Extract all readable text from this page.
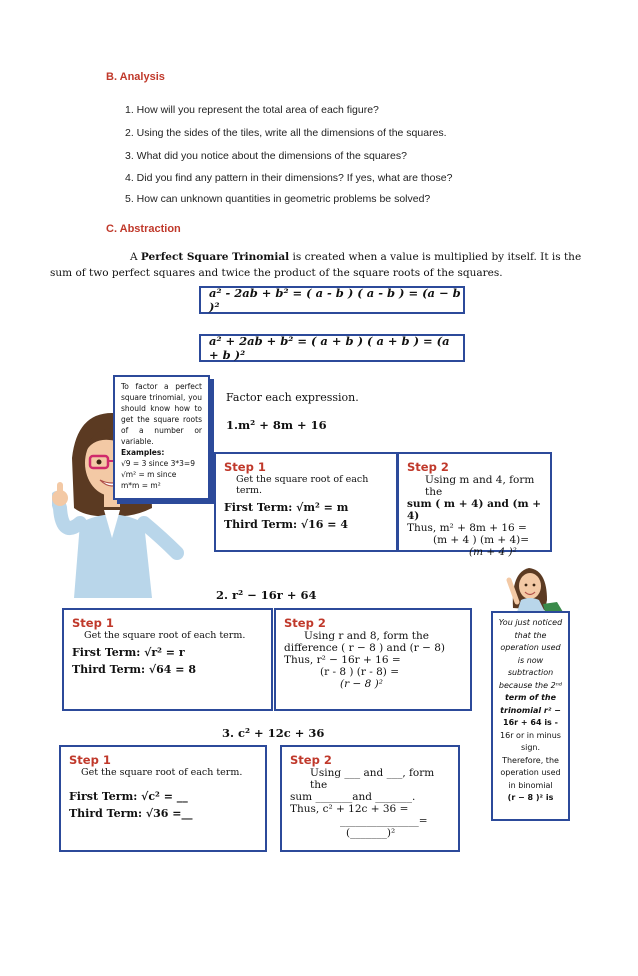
B. Analysis
1. How will you represent the total area of each figure?
2. Using the sides of the tiles, write all the dimensions of the squares.
3. What did you notice about the dimensions of the squares?
4. Did you find any pattern in their dimensions? If yes, what are those?
5. How can unknown quantities in geometric problems be solved?
C. Abstraction
A Perfect Square Trinomial is created when a value is multiplied by itself. It is the
sum of two perfect squares and twice the product of the square roots of the squares.
a² - 2ab + b² = ( a - b ) ( a - b ) = (a − b )²
a² + 2ab + b² = ( a + b ) ( a + b ) = (a + b )²
To factor a perfect square trinomial, you should know how to get the square roots of a number or variable.
Examples:
√9 = 3 since 3*3=9
√m² = m since
m*m = m²
Factor each expression.
1.m² + 8m + 16
Step 1
Get the square root of each term.
First Term: √m² = m
Third Term: √16 = 4
Step 2
Using m and 4, form the
sum ( m + 4) and (m + 4)
Thus, m² + 8m + 16 =
(m + 4 ) (m + 4)=
(m + 4 )²
2. r² − 16r + 64
Step 1
Get the square root of each term.
First Term: √r² = r
Third Term: √64 = 8
Step 2
Using r and 8, form the
difference ( r − 8 ) and (r − 8)
Thus, r² − 16r + 16 =
(r - 8 ) (r - 8) =
(r − 8 )²
You just noticed
that the
operation used
is now
subtraction
because the 2ⁿᵈ
term of the
trinomial r² −
16r + 64 is -
16r or in minus
sign.
Therefore, the
operation used
in binomial
(r − 8 )² is
3. c² + 12c + 36
Step 1
Get the square root of each term.
First Term: √c² = __
Third Term: √36 =__
Step 2
Using ___ and ___, form the
sum _______and _______.
Thus, c² + 12c + 36 =
_______________=
(_______)²
